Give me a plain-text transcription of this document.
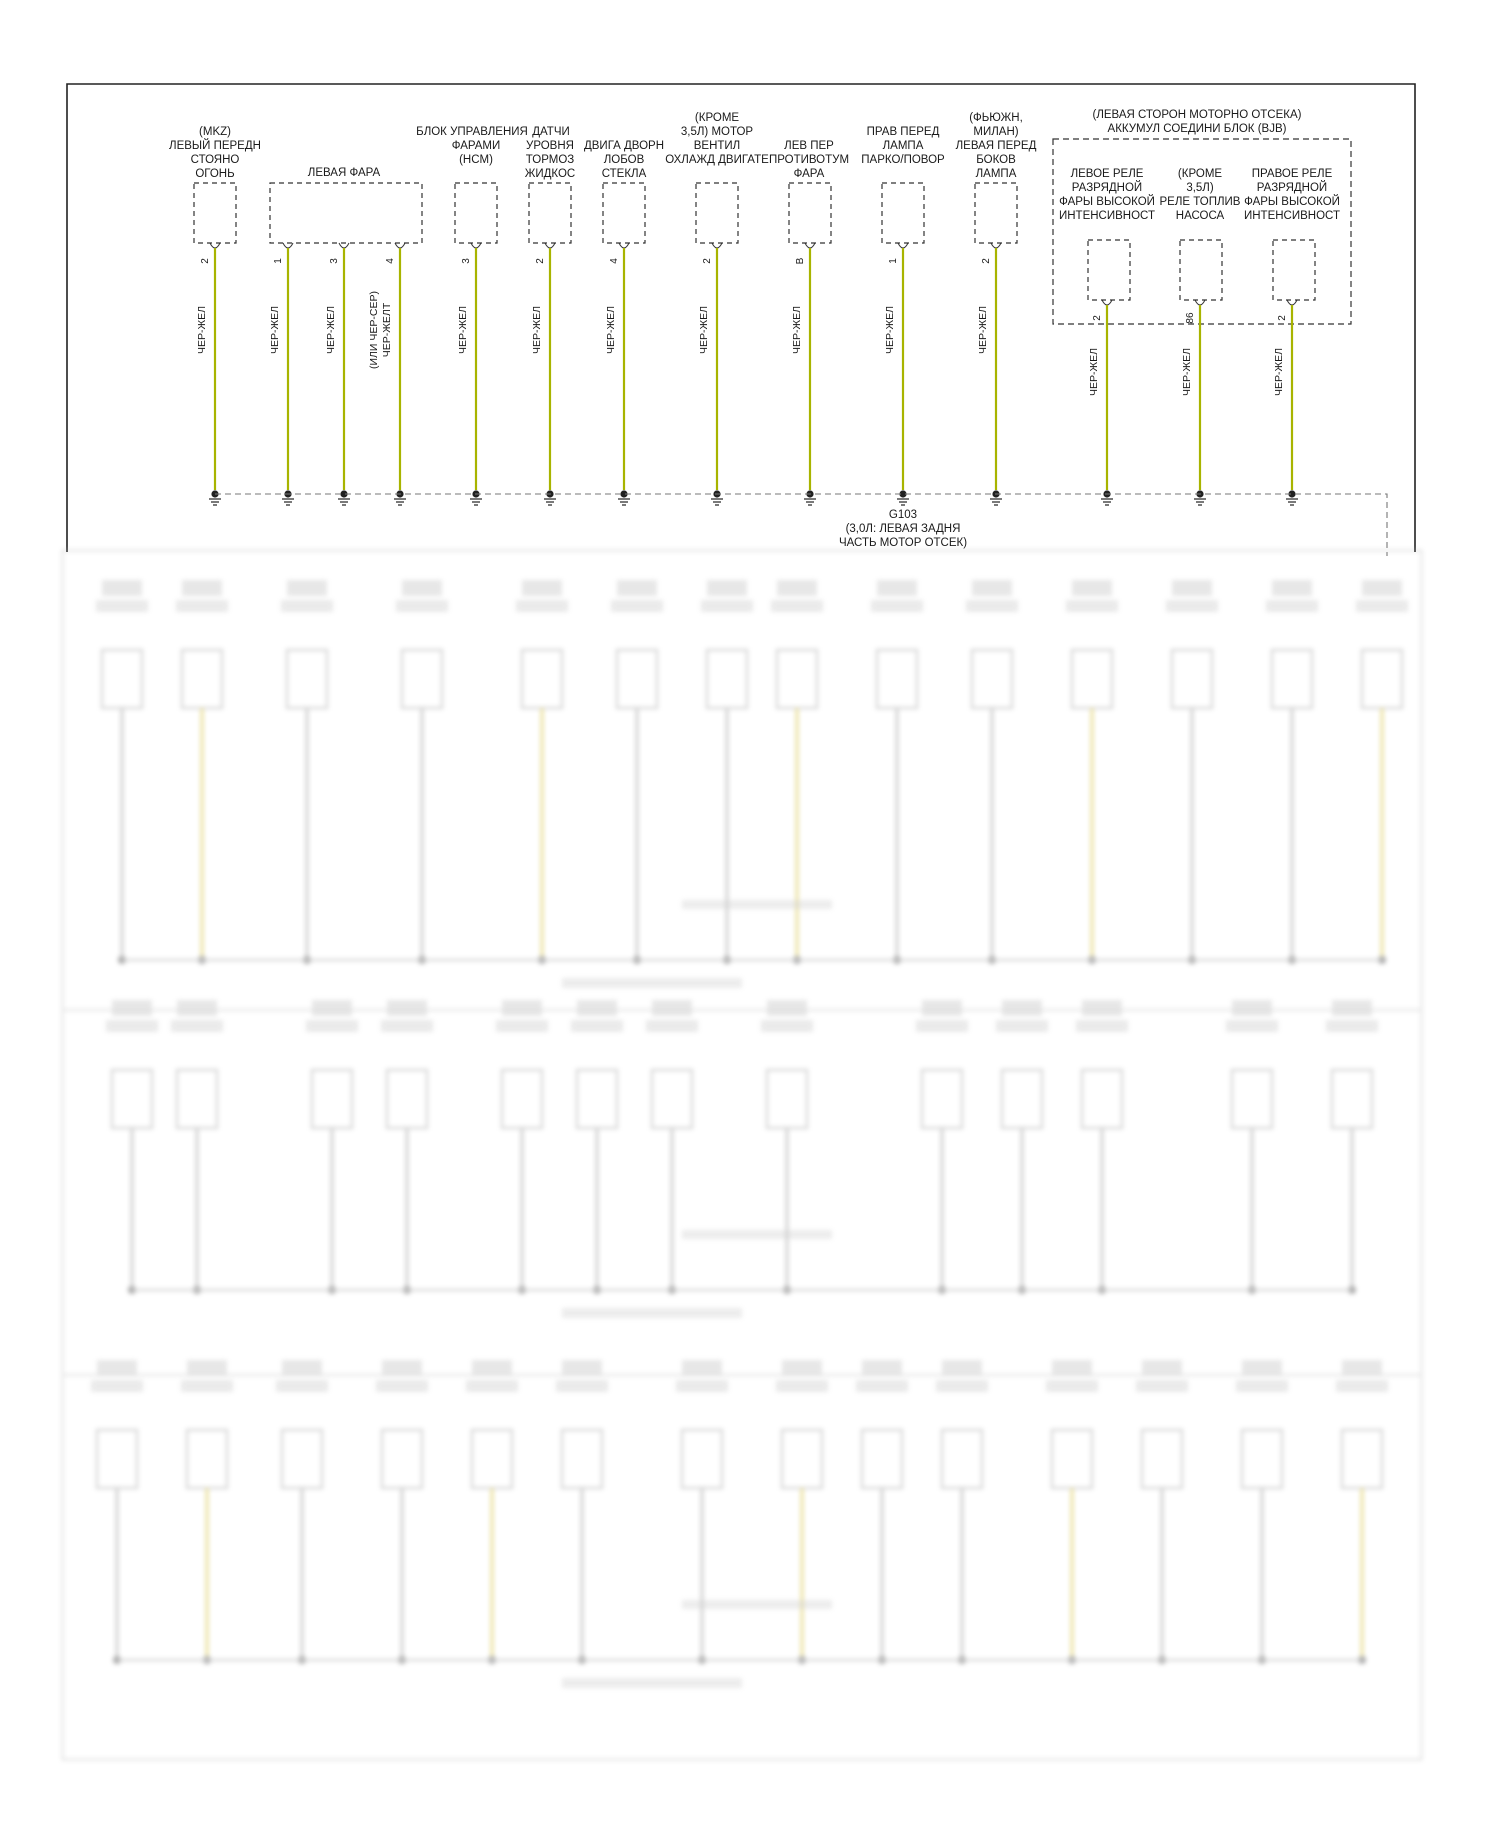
(MKZ)
ЛЕВЫЙ ПЕРЕДН
СТОЯНО
ОГОНЬ	ЛЕВАЯ ФАРА
БЛОК УПРАВЛЕНИЯ
ФАРАМИ
(HCM)
ДАТЧИ
УРОВНЯ
ТОРМОЗ
ЖИДКОС
ДВИГА ДВОРН
ЛОБОВ
СТЕКЛА
(КРОМЕ
3,5Л) МОТОР
ВЕНТИЛ
ОХЛАЖД ДВИГАТЕ
ЛЕВ ПЕР
ПРОТИВОТУМ
ФАРА
ПРАВ ПЕРЕД
ЛАМПА
ПАРКО/ПОВОР
(ФЬЮЖН,
МИЛАН)
ЛЕВАЯ ПЕРЕД
БОКОВ
ЛАМПА
(ЛЕВАЯ СТОРОН МОТОРНО ОТСЕКА)
АККУМУЛ СОЕДИНИ БЛОК (BJB)
ЛЕВОЕ РЕЛЕ
РАЗРЯДНОЙ
ФАРЫ ВЫСОКОЙ
ИНТЕНСИВНОСТ
(КРОМЕ
3,5Л)
РЕЛЕ ТОПЛИВ
НАСОСА
ПРАВОЕ РЕЛЕ
РАЗРЯДНОЙ
ФАРЫ ВЫСОКОЙ
ИНТЕНСИВНОСТ
2
ЧЕР-ЖЕЛ
1
ЧЕР-ЖЕЛ
3
ЧЕР-ЖЕЛ
4
ЧЕР-ЖЕЛТ
(ИЛИ ЧЕР-СЕР)
3
ЧЕР-ЖЕЛ
2
ЧЕР-ЖЕЛ
4
ЧЕР-ЖЕЛ
2
ЧЕР-ЖЕЛ
B
ЧЕР-ЖЕЛ
1
ЧЕР-ЖЕЛ
2
ЧЕР-ЖЕЛ	2
ЧЕР-ЖЕЛ
86
ЧЕР-ЖЕЛ
2
ЧЕР-ЖЕЛ
G103
(3,0Л: ЛЕВАЯ ЗАДНЯ
ЧАСТЬ МОТОР ОТСЕК)
